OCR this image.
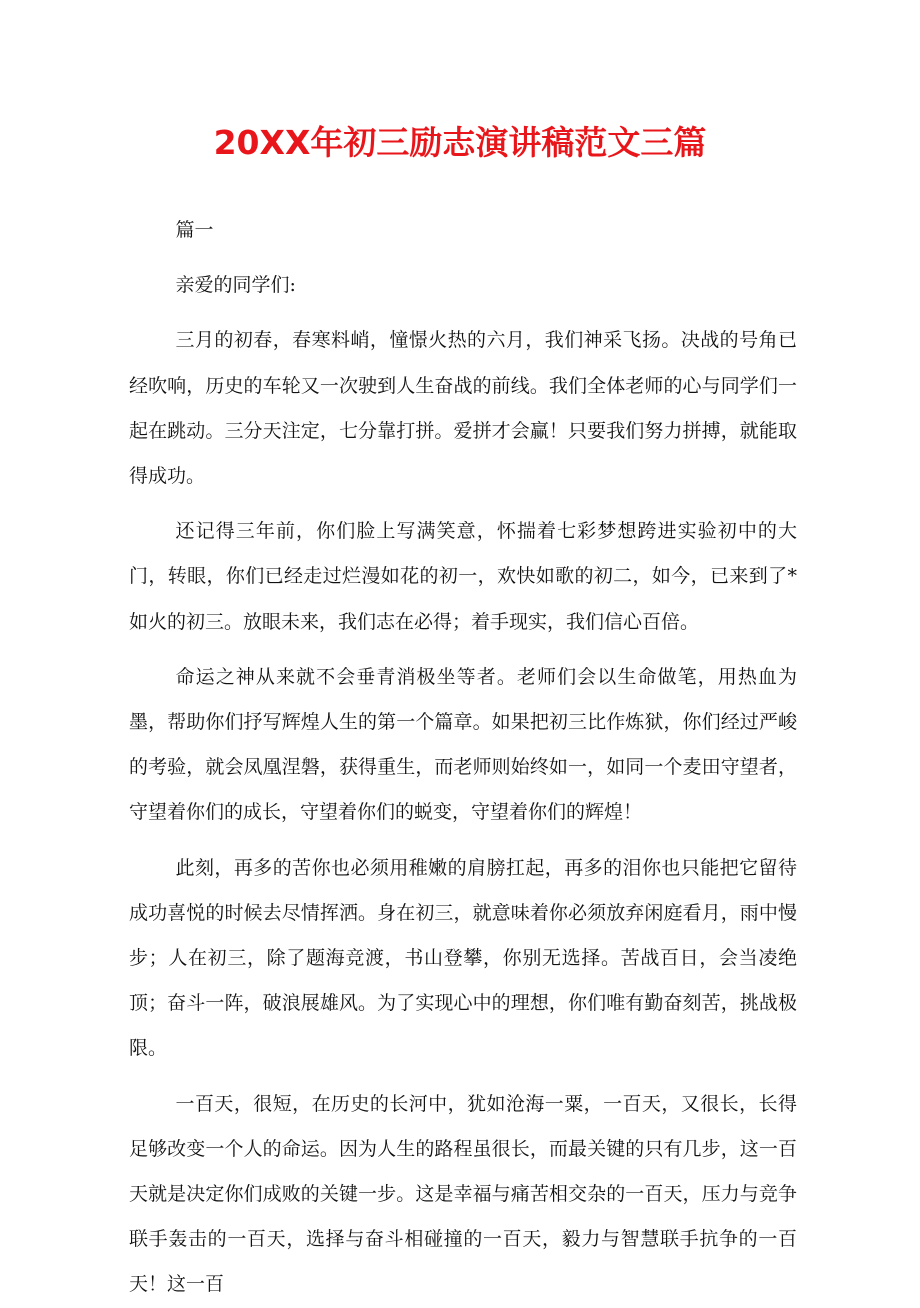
20XX年初三励志演讲稿范文三篇

篇一

亲爱的同学们:

三月的初春，春寒料峭，憧憬火热的六月，我们神采飞扬。决战的号角已经吹响，历史的车轮又一次驶到人生奋战的前线。我们全体老师的心与同学们一起在跳动。三分天注定，七分靠打拼。爱拼才会赢！只要我们努力拼搏，就能取得成功。

还记得三年前，你们脸上写满笑意，怀揣着七彩梦想跨进实验初中的大门，转眼，你们已经走过烂漫如花的初一，欢快如歌的初二，如今，已来到了*如火的初三。放眼未来，我们志在必得；着手现实，我们信心百倍。

命运之神从来就不会垂青消极坐等者。老师们会以生命做笔，用热血为墨，帮助你们抒写辉煌人生的第一个篇章。如果把初三比作炼狱，你们经过严峻的考验，就会凤凰涅磐，获得重生，而老师则始终如一，如同一个麦田守望者，守望着你们的成长，守望着你们的蜕变，守望着你们的辉煌！

此刻，再多的苦你也必须用稚嫩的肩膀扛起，再多的泪你也只能把它留待成功喜悦的时候去尽情挥洒。身在初三，就意味着你必须放弃闲庭看月，雨中慢步；人在初三，除了题海竞渡，书山登攀，你别无选择。苦战百日，会当凌绝顶；奋斗一阵，破浪展雄风。为了实现心中的理想，你们唯有勤奋刻苦，挑战极限。

一百天，很短，在历史的长河中，犹如沧海一粟，一百天，又很长，长得足够改变一个人的命运。因为人生的路程虽很长，而最关键的只有几步，这一百天就是决定你们成败的关键一步。这是幸福与痛苦相交杂的一百天，压力与竞争联手轰击的一百天，选择与奋斗相碰撞的一百天，毅力与智慧联手抗争的一百天！这一百
